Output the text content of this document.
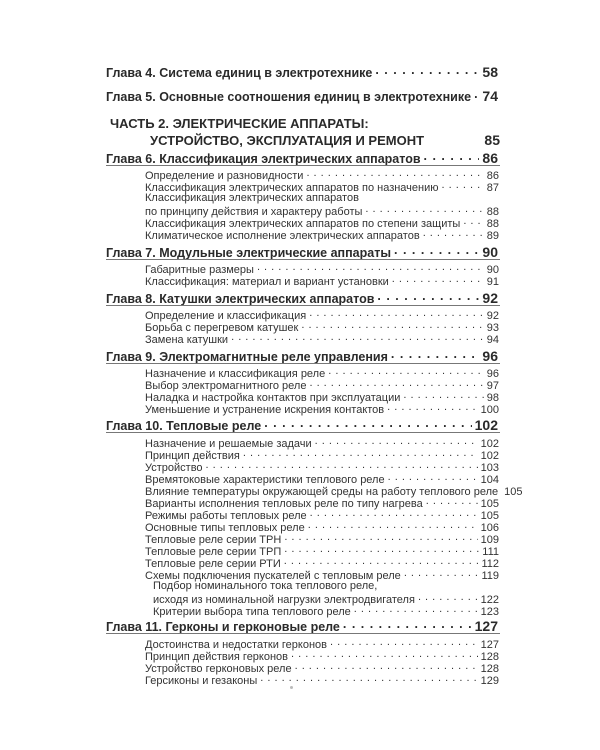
Глава 4. Система единиц в электротехнике . . .	58
Глава 5. Основные соотношения единиц в электротехнике . . . 74
ЧАСТЬ 2. ЭЛЕКТРИЧЕСКИЕ АППАРАТЫ:
УСТРОЙСТВО, ЭКСПЛУАТАЦИЯ И РЕМОНТ	85
Глава 6. Классификация электрических аппаратов . . .	86
Определение и разновидности . . .	86
Классификация электрических аппаратов по назначению . . .	87
Классификация электрических аппаратов
по принципу действия и характеру работы . . .	88
Классификация электрических аппаратов по степени защиты . . . 88
Климатическое исполнение электрических аппаратов . . .	89
Глава 7. Модульные электрические аппараты . . .	90
Габаритные размеры . . .	90
Классификация: материал и вариант установки . . .	91
Глава 8. Катушки электрических аппаратов . . .	92
Определение и классификация . . .	92
Борьба с перегревом катушек . . .	93
Замена катушки . . .	94
Глава 9. Электромагнитные реле управления . . .	96
Назначение и классификация реле . . .	96
Выбор электромагнитного реле . . .	97
Наладка и настройка контактов при эксплуатации . . .	98
Уменьшение и устранение искрения контактов . . .	100
Глава 10. Тепловые реле . . .	102
Назначение и решаемые задачи . . .	102
Принцип действия . . .	102
Устройство . . .	103
Времятоковые характеристики теплового реле . . .	104
Влияние температуры окружающей среды на работу теплового реле 105
Варианты исполнения тепловых реле по типу нагрева . . .	105
Режимы работы тепловых реле . . .	105
Основные типы тепловых реле . . .	106
Тепловые реле серии ТРН . . .	109
Тепловые реле серии ТРП . . .	111
Тепловые реле серии РТИ . . .	112
Схемы подключения пускателей с тепловым реле . . .	119
Подбор номинального тока теплового реле,
исходя из номинальной нагрузки электродвигателя . . .	122
Критерии выбора типа теплового реле . . .	123
Глава 11. Герконы и герконовые реле . . .	127
Достоинства и недостатки герконов . . .	127
Принцип действия герконов . . .	128
Устройство герконовых реле . . .	128
Герсиконы и гезаконы . . .	129
